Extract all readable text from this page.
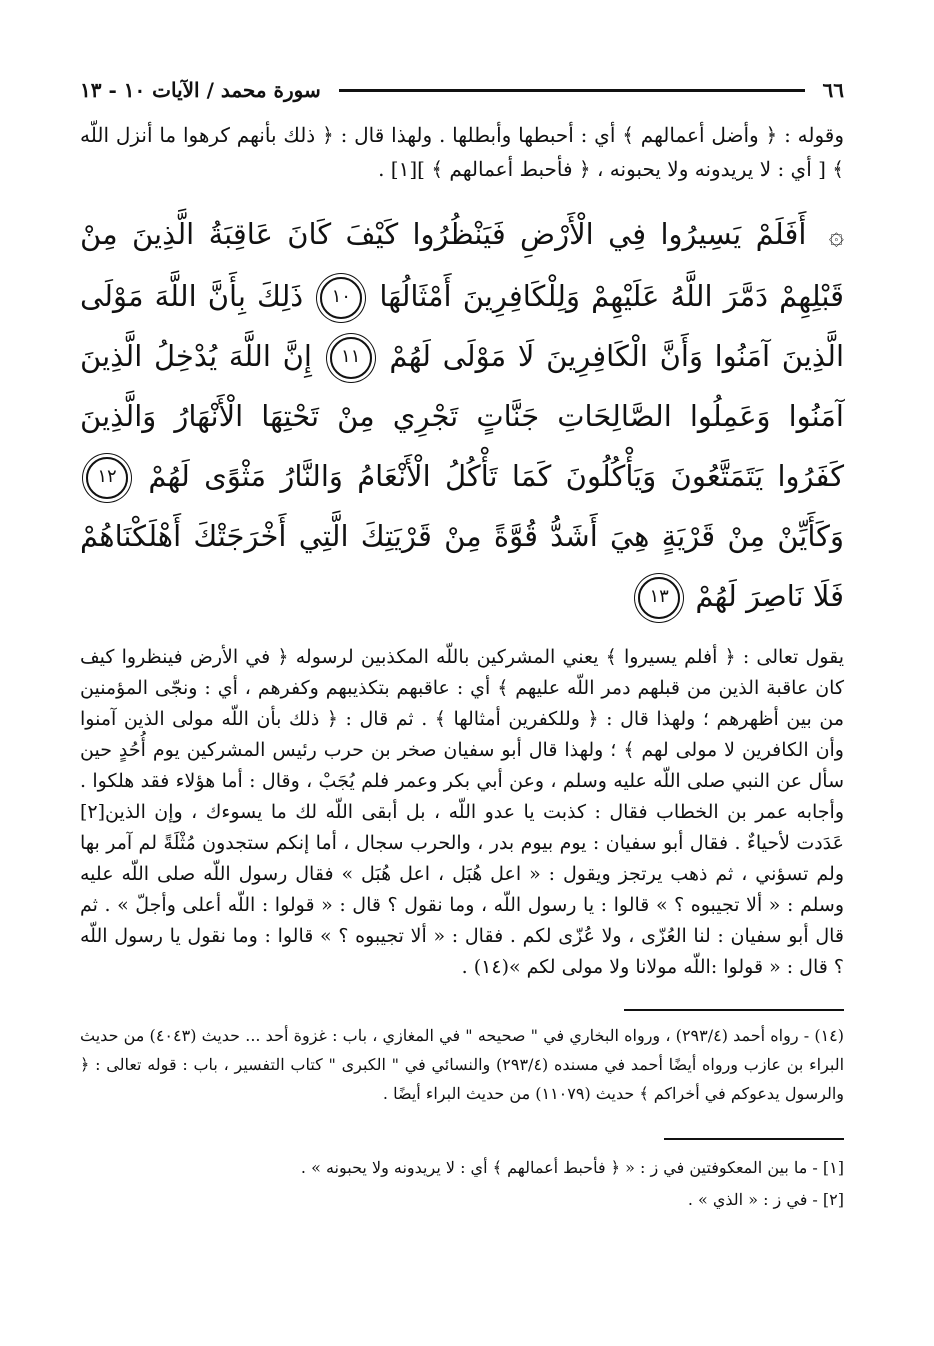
٦٦
سورة محمد / الآيات ١٠ - ١٣

وقوله : ﴿ وأضل أعمالهم ﴾ أي : أحبطها وأبطلها . ولهذا قال : ﴿ ذلك بأنهم كرهوا ما أنزل اللّه ﴾ [ أي : لا يريدونه ولا يحبونه ، ﴿ فأحبط أعمالهم ﴾ ][١] .

۞ أَفَلَمْ يَسِيرُوا فِي الْأَرْضِ فَيَنْظُرُوا كَيْفَ كَانَ عَاقِبَةُ الَّذِينَ مِنْ قَبْلِهِمْ دَمَّرَ اللَّهُ عَلَيْهِمْ وَلِلْكَافِرِينَ أَمْثَالُهَا ١٠ ذَلِكَ بِأَنَّ اللَّهَ مَوْلَى الَّذِينَ آمَنُوا وَأَنَّ الْكَافِرِينَ لَا مَوْلَى لَهُمْ ١١ إِنَّ اللَّهَ يُدْخِلُ الَّذِينَ آمَنُوا وَعَمِلُوا الصَّالِحَاتِ جَنَّاتٍ تَجْرِي مِنْ تَحْتِهَا الْأَنْهَارُ وَالَّذِينَ كَفَرُوا يَتَمَتَّعُونَ وَيَأْكُلُونَ كَمَا تَأْكُلُ الْأَنْعَامُ وَالنَّارُ مَثْوًى لَهُمْ ١٢ وَكَأَيِّنْ مِنْ قَرْيَةٍ هِيَ أَشَدُّ قُوَّةً مِنْ قَرْيَتِكَ الَّتِي أَخْرَجَتْكَ أَهْلَكْنَاهُمْ فَلَا نَاصِرَ لَهُمْ ١٣

يقول تعالى : ﴿ أفلم يسيروا ﴾ يعني المشركين باللّه المكذبين لرسوله ﴿ في الأرض فينظروا كيف كان عاقبة الذين من قبلهم دمر اللّه عليهم ﴾ أي : عاقبهم بتكذيبهم وكفرهم ، أي : ونجّى المؤمنين من بين أظهرهم ؛ ولهذا قال : ﴿ وللكفرين أمثالها ﴾ . ثم قال : ﴿ ذلك بأن اللّه مولى الذين آمنوا وأن الكافرين لا مولى لهم ﴾ ؛ ولهذا قال أبو سفيان صخر بن حرب رئيس المشركين يوم أُحُدٍ حين سأل عن النبي صلى اللّه عليه وسلم ، وعن أبي بكر وعمر فلم يُجَبْ ، وقال : أما هؤلاء فقد هلكوا . وأجابه عمر بن الخطاب فقال : كذبت يا عدو اللّه ، بل أبقى اللّه لك ما يسوءك ، وإن الذين[٢] عَدَدت لأحياءٌ . فقال أبو سفيان : يوم بيوم بدر ، والحرب سجال ، أما إنكم ستجدون مُثْلَةً لم آمر بها ولم تسؤني ، ثم ذهب يرتجز ويقول : « اعل هُبَل ، اعل هُبَل » فقال رسول اللّه صلى اللّه عليه وسلم : « ألا تجيبوه ؟ » قالوا : يا رسول اللّه ، وما نقول ؟ قال : « قولوا : اللّه أعلى وأجلّ » . ثم قال أبو سفيان : لنا العُزّى ، ولا عُزّى لكم . فقال : « ألا تجيبوه ؟ » قالوا : وما نقول يا رسول اللّه ؟ قال : « قولوا :اللّه مولانا ولا مولى لكم »(١٤) .

(١٤) - رواه أحمد (٢٩٣/٤) ، ورواه البخاري في " صحيحه " في المغازي ، باب : غزوة أحد ... حديث (٤٠٤٣) من حديث البراء بن عازب ورواه أيضًا أحمد في مسنده (٢٩٣/٤) والنسائي في " الكبرى " كتاب التفسير ، باب : قوله تعالى : ﴿ والرسول يدعوكم في أخراكم ﴾ حديث (١١٠٧٩) من حديث البراء أيضًا .

[١] - ما بين المعكوفتين في ز : « ﴿ فأحبط أعمالهم ﴾ أي : لا يريدونه ولا يحبونه » .

[٢] - في ز : « الذي » .
